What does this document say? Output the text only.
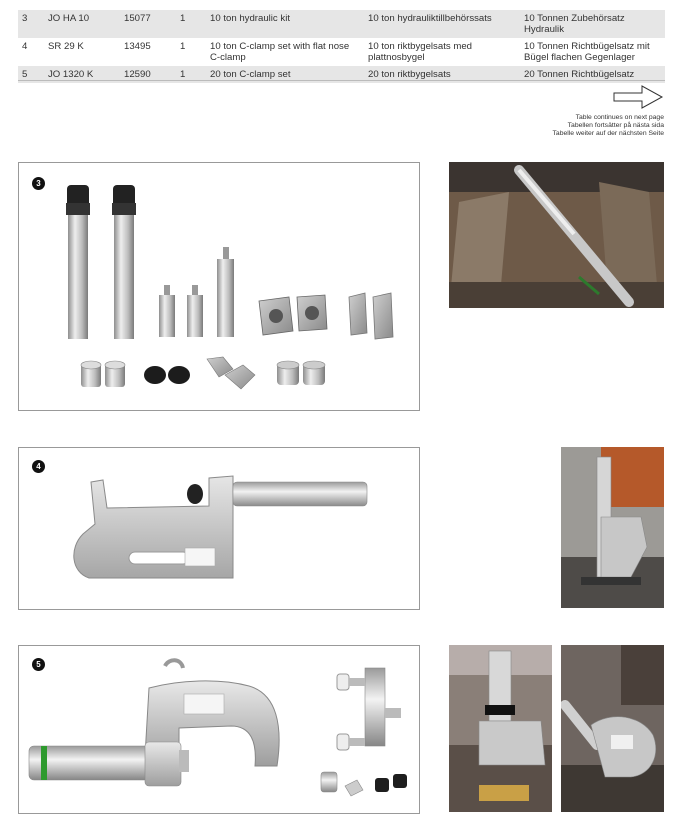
3	JO HA 10	15077	1	10 ton hydraulic kit	10 ton hydrauliktillbehörssats	10 Tonnen Zubehörsatz Hydraulik
4	SR 29 K	13495	1	10 ton C-clamp set with flat nose C-clamp	10 ton riktbygelsats med plattnosbygel	10 Tonnen Richtbügelsatz mit Bügel flachen Gegenlager
5	JO 1320 K	12590	1	20 ton C-clamp set	20 ton riktbygelsats	20 Tonnen Richtbügelsatz
Table continues on next page
Tabellen fortsätter på nästa sida
Tabelle weiter auf der nächsten Seite
3
4
5
